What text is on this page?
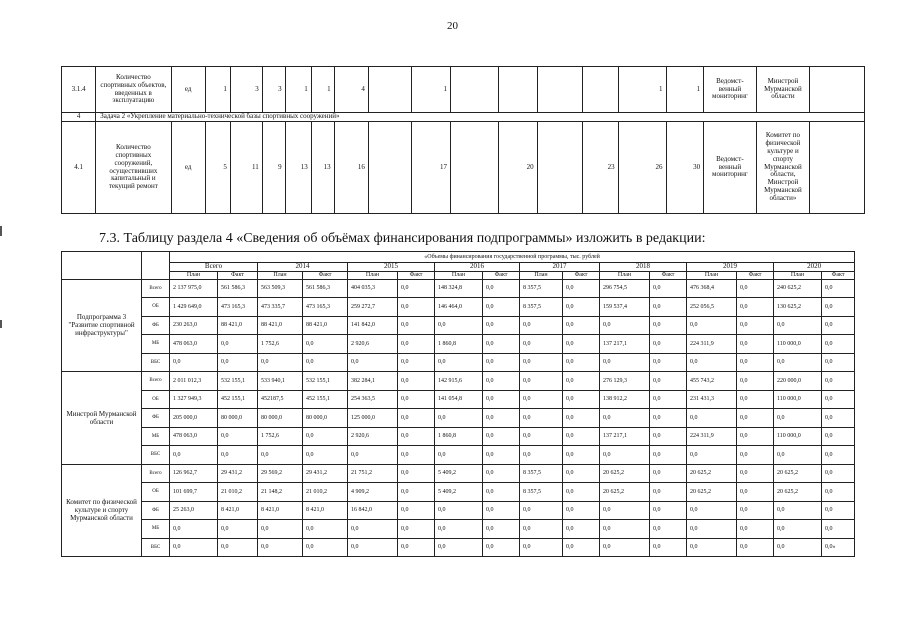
20
3.1.4	Количество спортивных объектов, введенных в эксплуатацию	ед	1	3	3	1	1	4		1					1	1	Ведомст-венный мониторинг	Минстрой Мурманской области	
4	Задача 2 «Укрепление материально-технической базы спортивных сооружений»																		
4.1	Количество спортивных сооружений, осуществивших капитальный и текущий ремонт	ед	5	11	9	13	13	16		17		20		23	26	30	Ведомст-венный мониторинг	Комитет по физической культуре и спорту Мурманской области, Минстрой Мурманской области»	
7.3. Таблицу раздела 4 «Сведения об объёмах финансирования подпрограммы» изложить в редакции:
		«Объемы финансирования государственной программы, тыс. рублей															
		Всего		2014		2015		2016		2017		2018		2019		2020	
		План	Факт	План	Факт	План	Факт	План	Факт	План	Факт	План	Факт	План	Факт	План	Факт
Подпрограмма 3 "Развитие спортивной инфраструктуры"	Всего	2 137 975,0	561 586,3	563 509,3	561 586,3	404 035,3	0,0	148 324,8	0,0	8 357,5	0,0	296 754,5	0,0	476 368,4	0,0	240 625,2	0,0
	ОБ	1 429 649,0	473 165,3	473 335,7	473 165,3	259 272,7	0,0	146 464,0	0,0	8 357,5	0,0	159 537,4	0,0	252 056,5	0,0	130 625,2	0,0
	ФБ	230 263,0	88 421,0	88 421,0	88 421,0	141 842,0	0,0	0,0	0,0	0,0	0,0	0,0	0,0	0,0	0,0	0,0	0,0
	МБ	478 063,0	0,0	1 752,6	0,0	2 920,6	0,0	1 860,8	0,0	0,0	0,0	137 217,1	0,0	224 311,9	0,0	110 000,0	0,0
	ВБС	0,0	0,0	0,0	0,0	0,0	0,0	0,0	0,0	0,0	0,0	0,0	0,0	0,0	0,0	0,0	0,0
Минстрой Мурманской области	Всего	2 011 012,3	532 155,1	533 940,1	532 155,1	382 284,1	0,0	142 915,6	0,0	0,0	0,0	276 129,3	0,0	455 743,2	0,0	220 000,0	0,0
	ОБ	1 327 949,3	452 155,1	452187,5	452 155,1	254 363,5	0,0	141 054,8	0,0	0,0	0,0	138 912,2	0,0	231 431,3	0,0	110 000,0	0,0
	ФБ	205 000,0	80 000,0	80 000,0	80 000,0	125 000,0	0,0	0,0	0,0	0,0	0,0	0,0	0,0	0,0	0,0	0,0	0,0
	МБ	478 063,0	0,0	1 752,6	0,0	2 920,6	0,0	1 860,8	0,0	0,0	0,0	137 217,1	0,0	224 311,9	0,0	110 000,0	0,0
	ВБС	0,0	0,0	0,0	0,0	0,0	0,0	0,0	0,0	0,0	0,0	0,0	0,0	0,0	0,0	0,0	0,0
Комитет по физической культуре и спорту Мурманской области	Всего	126 962,7	29 431,2	29 569,2	29 431,2	21 751,2	0,0	5 409,2	0,0	8 357,5	0,0	20 625,2	0,0	20 625,2	0,0	20 625,2	0,0
	ОБ	101 699,7	21 010,2	21 148,2	21 010,2	4 909,2	0,0	5 409,2	0,0	8 357,5	0,0	20 625,2	0,0	20 625,2	0,0	20 625,2	0,0
	ФБ	25 263,0	8 421,0	8 421,0	8 421,0	16 842,0	0,0	0,0	0,0	0,0	0,0	0,0	0,0	0,0	0,0	0,0	0,0
	МБ	0,0	0,0	0,0	0,0	0,0	0,0	0,0	0,0	0,0	0,0	0,0	0,0	0,0	0,0	0,0	0,0
	ВБС	0,0	0,0	0,0	0,0	0,0	0,0	0,0	0,0	0,0	0,0	0,0	0,0	0,0	0,0	0,0	0,0»
